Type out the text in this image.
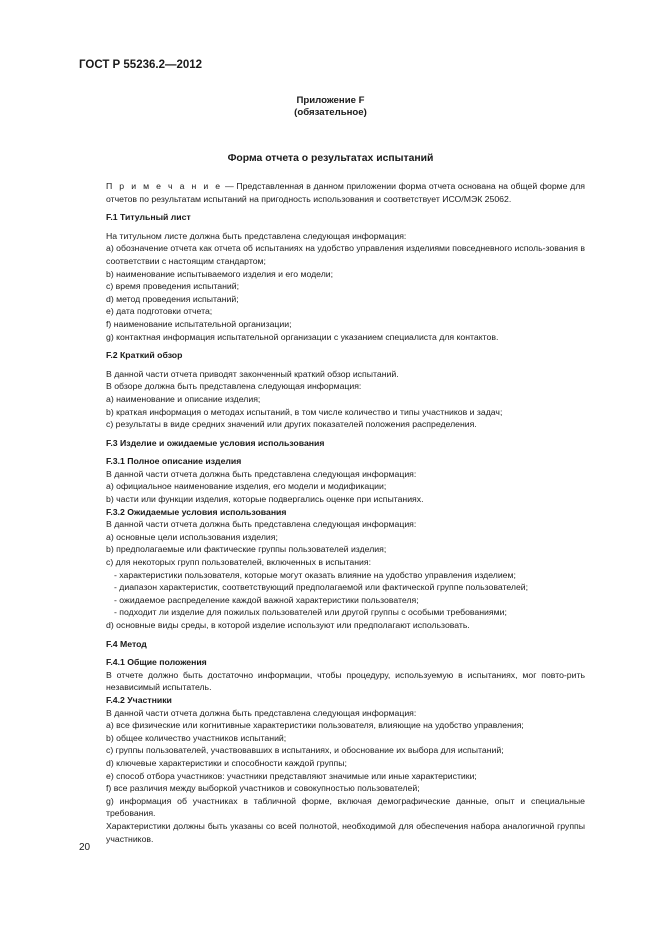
ГОСТ Р 55236.2—2012
Приложение F
(обязательное)
Форма отчета о результатах испытаний

П р и м е ч а н и е — Представленная в данном приложении форма отчета основана на общей форме для отчетов по результатам испытаний на пригодность использования и соответствует ИСО/МЭК 25062.

F.1 Титульный лист

На титульном листе должна быть представлена следующая информация:

a) обозначение отчета как отчета об испытаниях на удобство управления изделиями повседневного исполь-зования в соответствии с настоящим стандартом;

b) наименование испытываемого изделия и его модели;

c) время проведения испытаний;

d) метод проведения испытаний;

e) дата подготовки отчета;

f) наименование испытательной организации;

g) контактная информация испытательной организации с указанием специалиста для контактов.

F.2 Краткий обзор

В данной части отчета приводят законченный краткий обзор испытаний.

В обзоре должна быть представлена следующая информация:

a) наименование и описание изделия;

b) краткая информация о методах испытаний, в том числе количество и типы участников и задач;

c) результаты в виде средних значений или других показателей положения распределения.

F.3 Изделие и ожидаемые условия использования

F.3.1 Полное описание изделия

В данной части отчета должна быть представлена следующая информация:

a) официальное наименование изделия, его модели и модификации;

b) части или функции изделия, которые подвергались оценке при испытаниях.

F.3.2 Ожидаемые условия использования

В данной части отчета должна быть представлена следующая информация:

a) основные цели использования изделия;

b) предполагаемые или фактические группы пользователей изделия;

c) для некоторых групп пользователей, включенных в испытания:

- характеристики пользователя, которые могут оказать влияние на удобство управления изделием;

- диапазон характеристик, соответствующий предполагаемой или фактической группе пользователей;

- ожидаемое распределение каждой важной характеристики пользователя;

- подходит ли изделие для пожилых пользователей или другой группы с особыми требованиями;

d) основные виды среды, в которой изделие используют или предполагают использовать.

F.4 Метод

F.4.1 Общие положения

В отчете должно быть достаточно информации, чтобы процедуру, используемую в испытаниях, мог повто-рить независимый испытатель.

F.4.2 Участники

В данной части отчета должна быть представлена следующая информация:

a) все физические или когнитивные характеристики пользователя, влияющие на удобство управления;

b) общее количество участников испытаний;

c) группы пользователей, участвовавших в испытаниях, и обоснование их выбора для испытаний;

d) ключевые характеристики и способности каждой группы;

e) способ отбора участников: участники представляют значимые или иные характеристики;

f) все различия между выборкой участников и совокупностью пользователей;

g) информация об участниках в табличной форме, включая демографические данные, опыт и специальные требования.

Характеристики должны быть указаны со всей полнотой, необходимой для обеспечения набора аналогичной группы участников.

20
